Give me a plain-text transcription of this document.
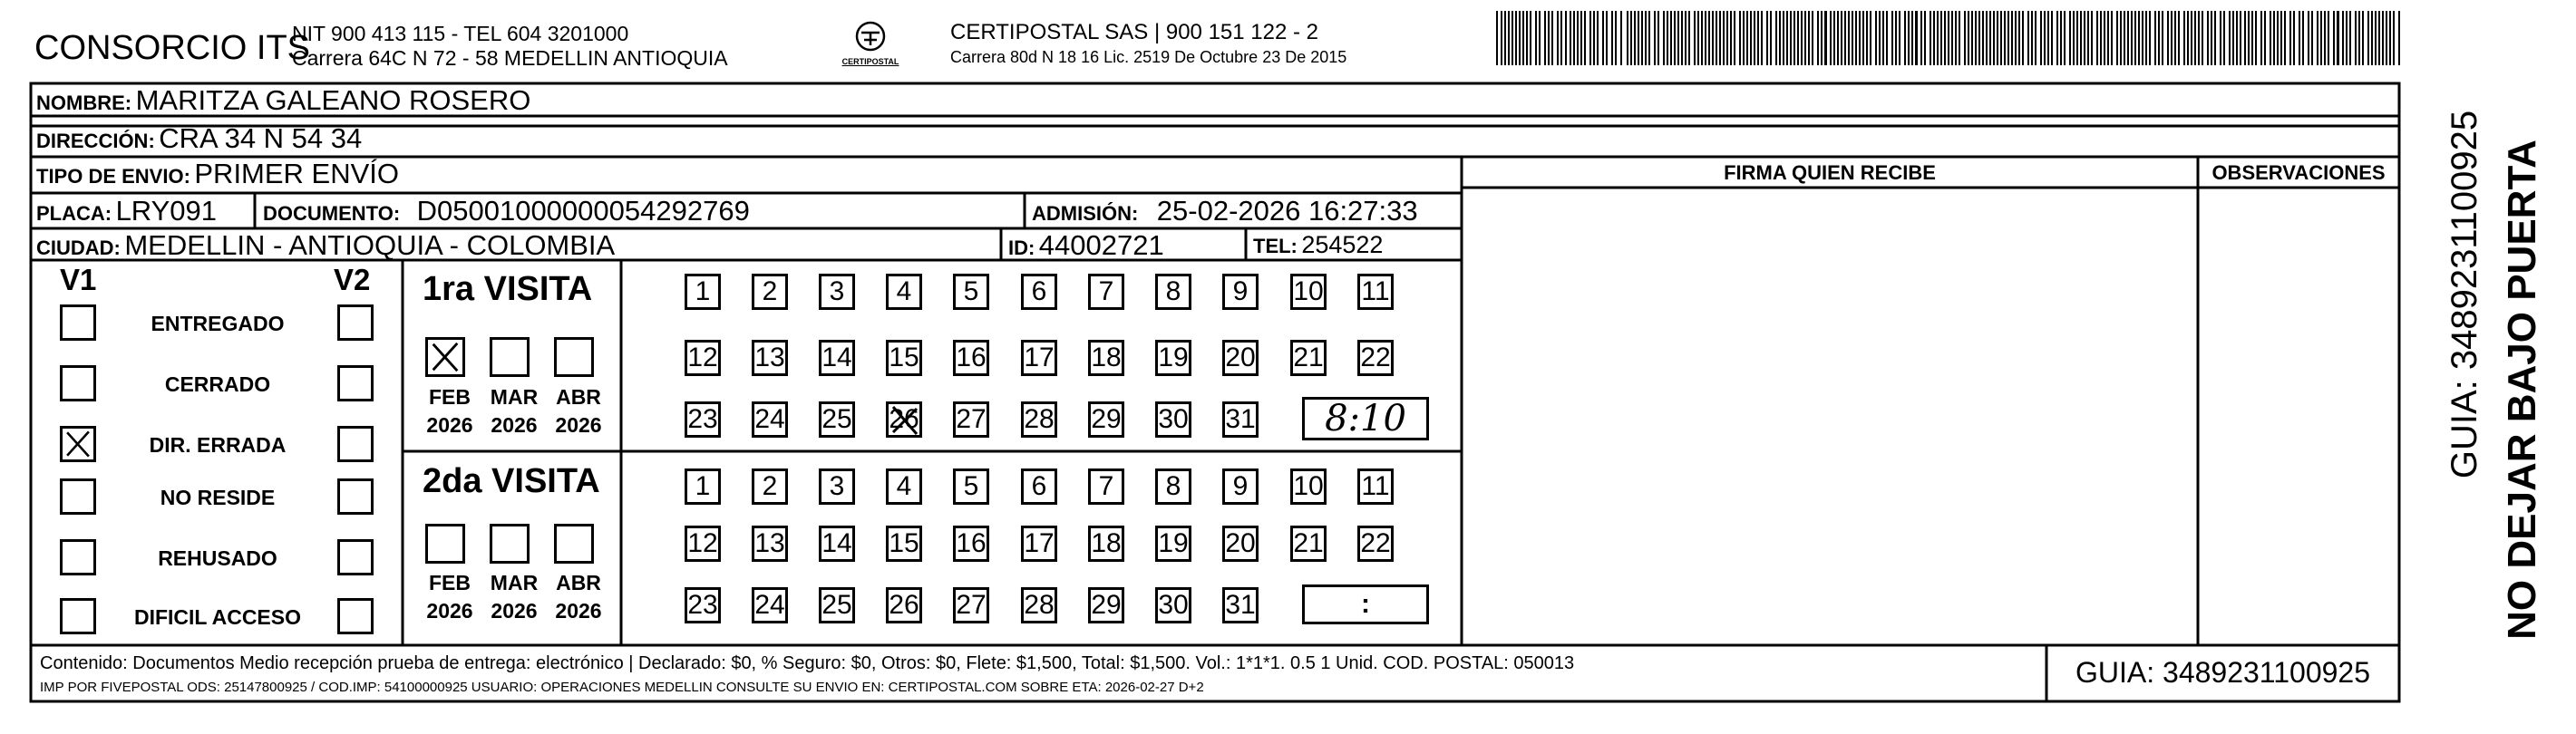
CONSORCIO ITS
NIT 900 413 115 - TEL 604 3201000
Carrera 64C N 72 - 58 MEDELLIN ANTIOQUIA	CERTIPOSTAL
CERTIPOSTAL SAS | 900 151 122 - 2
Carrera 80d N 18 16 Lic. 2519 De Octubre 23 De 2015
NOMBRE: MARITZA GALEANO ROSERO
DIRECCIÓN: CRA 34 N 54 34
TIPO DE ENVIO: PRIMER ENVÍO
PLACA: LRY091 DOCUMENTO: D05001000000054292769	ADMISIÓN: 25-02-2026 16:27:33
CIUDAD: MEDELLIN - ANTIOQUIA - COLOMBIA	ID: 44002721	TEL: 254522
FIRMA QUIEN RECIBE	OBSERVACIONES
V1	V2
ENTREGADO
CERRADO
DIR. ERRADA
NO RESIDE
REHUSADO
DIFICIL ACCESO
1ra VISITA
2da VISITA
FEB
2026
MAR
2026
ABR
2026
FEB
2026
MAR
2026
ABR
2026
1	2	3	4	5	6	7	8	9	10 11
12 13 14 15 16 17 18 19 20 21 22
23 24 25 26 27 28 29 30 31
1	2	3	4	5	6	7	8	9	10 11
12 13 14 15 16 17 18 19 20 21 22
23 24 25 26 27 28 29 30 31
8:10
:
Contenido: Documentos Medio recepción prueba de entrega: electrónico | Declarado: $0, % Seguro: $0, Otros: $0, Flete: $1,500, Total: $1,500. Vol.: 1*1*1. 0.5 1 Unid. COD. POSTAL: 050013
IMP POR FIVEPOSTAL ODS: 25147800925 / COD.IMP: 54100000925 USUARIO: OPERACIONES MEDELLIN CONSULTE SU ENVIO EN: CERTIPOSTAL.COM SOBRE ETA: 2026-02-27 D+2	GUIA: 3489231100925
NO DEJAR BAJO PUERTA
GUIA: 3489231100925
